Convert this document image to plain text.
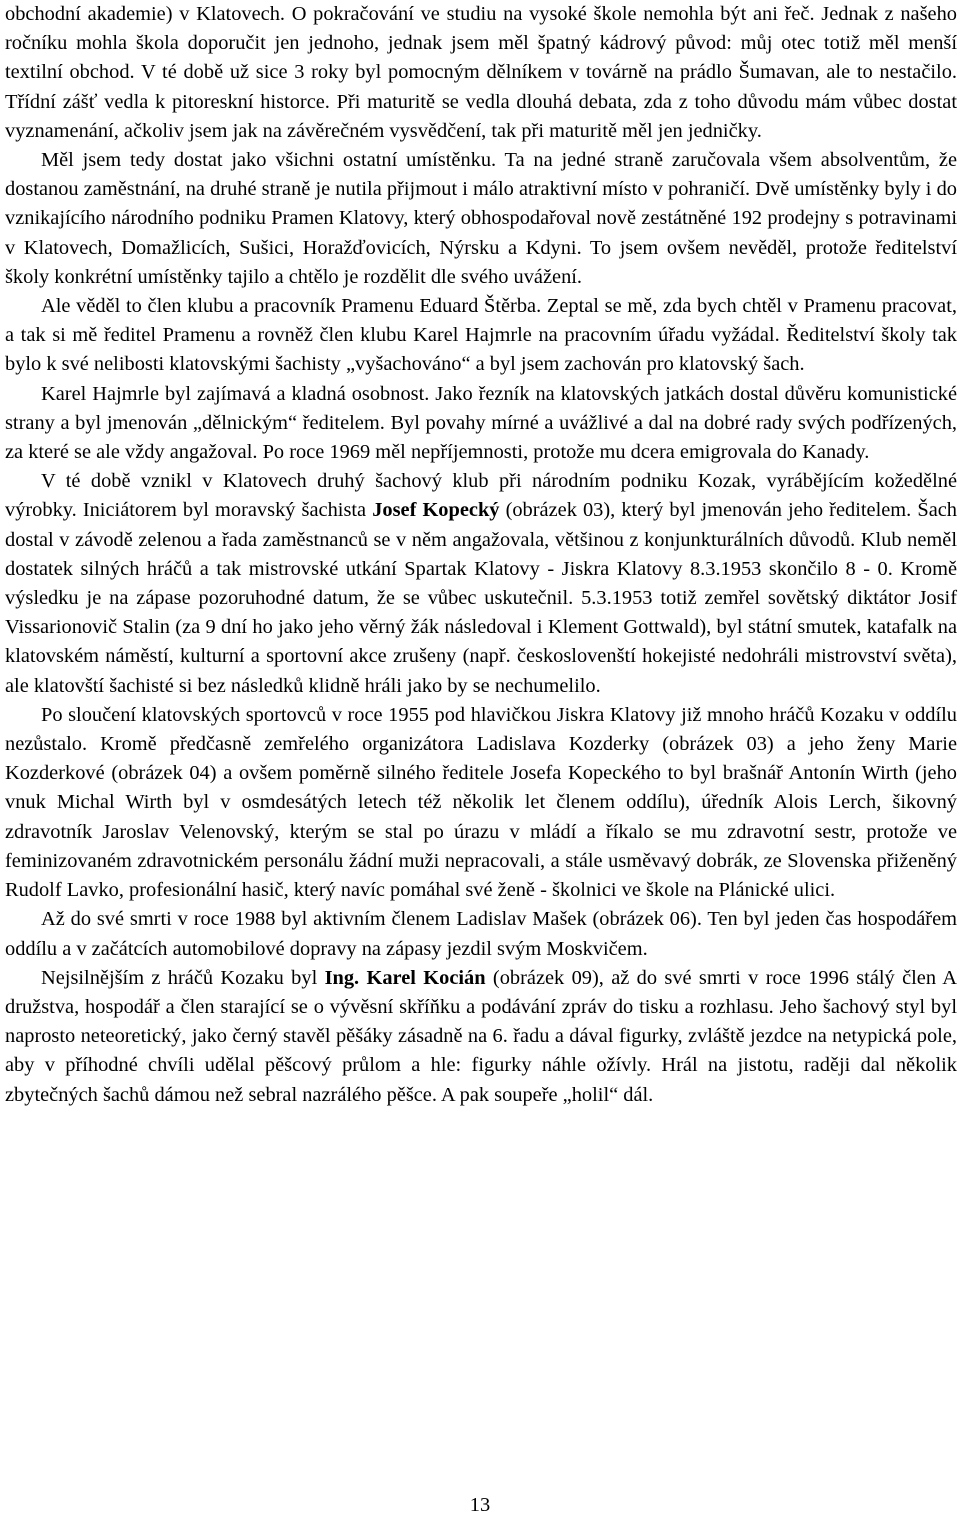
obchodní akademie) v Klatovech. O pokračování ve studiu na vysoké škole nemohla být ani řeč. Jednak z našeho ročníku mohla škola doporučit jen jednoho, jednak jsem měl špatný kádrový původ: můj otec totiž měl menší textilní obchod. V té době už sice 3 roky byl pomocným dělníkem v továrně na prádlo Šumavan, ale to nestačilo. Třídní zášť vedla k pitoreskní historce. Při maturitě se vedla dlouhá debata, zda z toho důvodu mám vůbec dostat vyznamenání, ačkoliv jsem jak na závěrečném vysvědčení, tak při maturitě měl jen jedničky.

Měl jsem tedy dostat jako všichni ostatní umístěnku. Ta na jedné straně zaručovala všem absolventům, že dostanou zaměstnání, na druhé straně je nutila přijmout i málo atraktivní místo v pohraničí. Dvě umístěnky byly i do vznikajícího národního podniku Pramen Klatovy, který obhospodařoval nově zestátněné 192 prodejny s potravinami v Klatovech, Domažlicích, Sušici, Horažďovicích, Nýrsku a Kdyni. To jsem ovšem nevěděl, protože ředitelství školy konkrétní umístěnky tajilo a chtělo je rozdělit dle svého uvážení.

Ale věděl to člen klubu a pracovník Pramenu Eduard Štěrba. Zeptal se mě, zda bych chtěl v Pramenu pracovat, a tak si mě ředitel Pramenu a rovněž člen klubu Karel Hajmrle na pracovním úřadu vyžádal. Ředitelství školy tak bylo k své nelibosti klatovskými šachisty „vyšachováno“ a byl jsem zachován pro klatovský šach.

Karel Hajmrle byl zajímavá a kladná osobnost. Jako řezník na klatovských jatkách dostal důvěru komunistické strany a byl jmenován „dělnickým“ ředitelem. Byl povahy mírné a uvážlivé a dal na dobré rady svých podřízených, za které se ale vždy angažoval. Po roce 1969 měl nepříjemnosti, protože mu dcera emigrovala do Kanady.

V té době vznikl v Klatovech druhý šachový klub při národním podniku Kozak, vyrábějícím kožedělné výrobky. Iniciátorem byl moravský šachista Josef Kopecký (obrázek 03), který byl jmenován jeho ředitelem. Šach dostal v závodě zelenou a řada zaměstnanců se v něm angažovala, většinou z konjunkturálních důvodů. Klub neměl dostatek silných hráčů a tak mistrovské utkání Spartak Klatovy - Jiskra Klatovy 8.3.1953 skončilo 8 - 0. Kromě výsledku je na zápase pozoruhodné datum, že se vůbec uskutečnil. 5.3.1953 totiž zemřel sovětský diktátor Josif Vissarionovič Stalin (za 9 dní ho jako jeho věrný žák následoval i Klement Gottwald), byl státní smutek, katafalk na klatovském náměstí, kulturní a sportovní akce zrušeny (např. českoslovenští hokejisté nedohráli mistrovství světa), ale klatovští šachisté si bez následků klidně hráli jako by se nechumelilo.

Po sloučení klatovských sportovců v roce 1955 pod hlavičkou Jiskra Klatovy již mnoho hráčů Kozaku v oddílu nezůstalo. Kromě předčasně zemřelého organizátora Ladislava Kozderky (obrázek 03) a jeho ženy Marie Kozderkové (obrázek 04) a ovšem poměrně silného ředitele Josefa Kopeckého to byl brašnář Antonín Wirth (jeho vnuk Michal Wirth byl v osmdesátých letech též několik let členem oddílu), úředník Alois Lerch, šikovný zdravotník Jaroslav Velenovský, kterým se stal po úrazu v mládí a říkalo se mu zdravotní sestr, protože ve feminizovaném zdravotnickém personálu žádní muži nepracovali, a stále usměvavý dobrák, ze Slovenska přiženěný Rudolf Lavko, profesionální hasič, který navíc pomáhal své ženě - školnici ve škole na Plánické ulici.

Až do své smrti v roce 1988 byl aktivním členem Ladislav Mašek (obrázek 06). Ten byl jeden čas hospodářem oddílu a v začátcích automobilové dopravy na zápasy jezdil svým Moskvičem.

Nejsilnějším z hráčů Kozaku byl Ing. Karel Kocián (obrázek 09), až do své smrti v roce 1996 stálý člen A družstva, hospodář a člen starající se o vývěsní skříňku a podávání zpráv do tisku a rozhlasu. Jeho šachový styl byl naprosto neteoretický, jako černý stavěl pěšáky zásadně na 6. řadu a dával figurky, zvláště jezdce na netypická pole, aby v příhodné chvíli udělal pěšcový průlom a hle: figurky náhle ožívly. Hrál na jistotu, raději dal několik zbytečných šachů dámou než sebral nazrálého pěšce. A pak soupeře „holil“ dál.

13
